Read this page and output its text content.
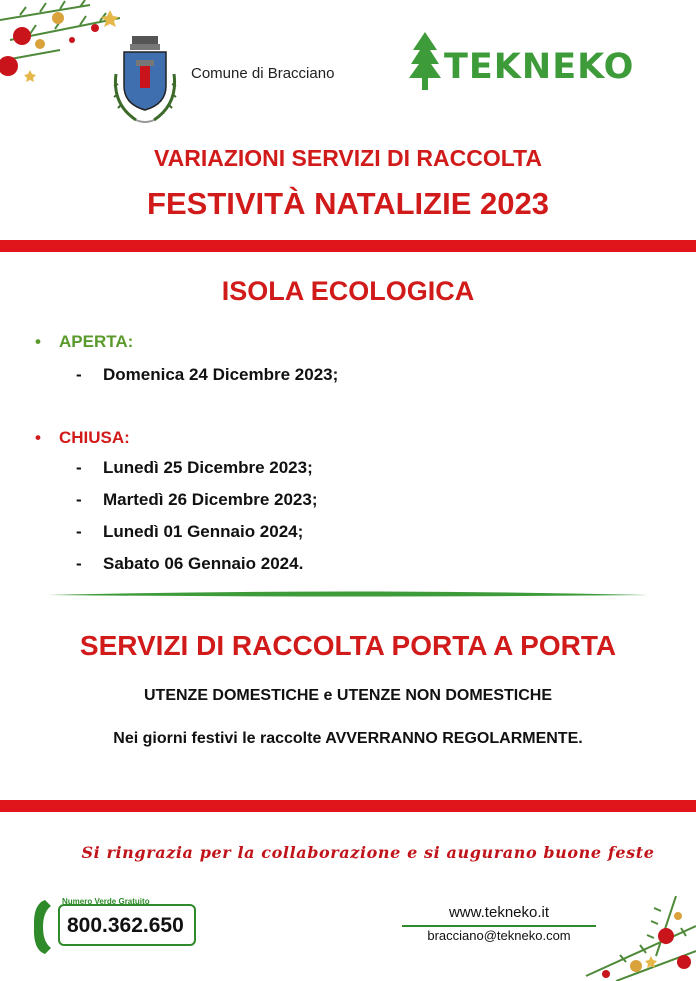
Comune di Bracciano	TEKNEKO
VARIAZIONI SERVIZI DI RACCOLTA
FESTIVITÀ NATALIZIE 2023
ISOLA ECOLOGICA
• APERTA:
- Domenica 24 Dicembre 2023;
• CHIUSA:
- Lunedì 25 Dicembre 2023;
- Martedì 26 Dicembre 2023;
- Lunedì 01 Gennaio 2024;
- Sabato 06 Gennaio 2024.
SERVIZI DI RACCOLTA PORTA A PORTA
UTENZE DOMESTICHE e UTENZE NON DOMESTICHE
Nei giorni festivi le raccolte AVVERRANNO REGOLARMENTE.
Si ringrazia per la collaborazione e si augurano buone feste
Numero Verde Gratuito
800.362.650
www.tekneko.it
bracciano@tekneko.com
